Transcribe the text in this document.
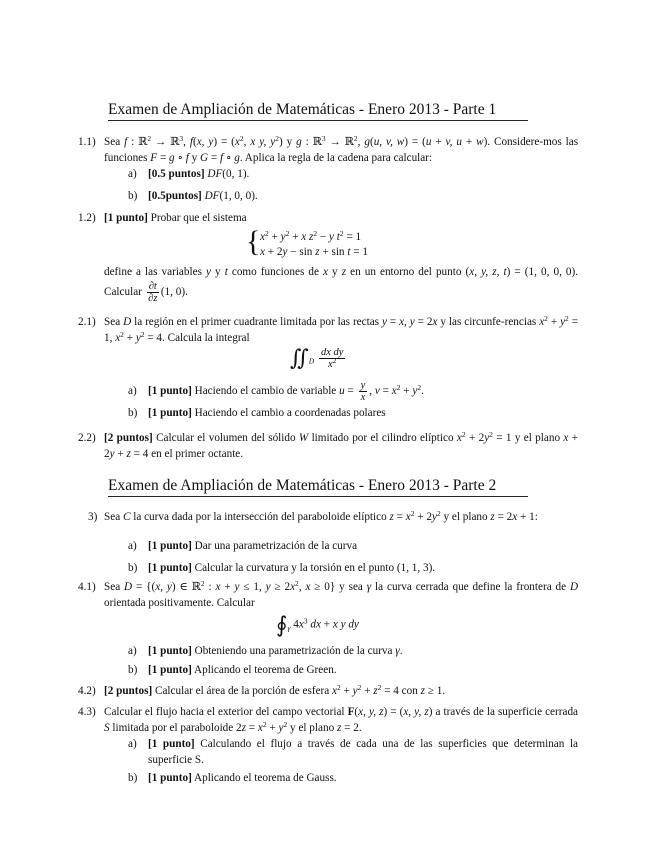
Examen de Ampliación de Matemáticas - Enero 2013 - Parte 1
1.1) Sea f : ℝ$^2$ → ℝ$^3$, f(x, $y) = (x^2$, x y, $y^2$) y g : ℝ$^3$ → ℝ$^2$, g(u, v, w) = (u + v, u + w). Considere-mos las funciones F = g ∘ f y G = f ∘ g. Aplica la regla de la cadena para calcular:
a) [0.5 puntos] DF(0, 1).
b) [0.5puntos] DF(1, 0, 0).
1.2) [1 punto] Probar que el sistema
{ $x^2 + y^2 + x$ $z^2 - y$ $t^2 = 1$
x + 2y − sin z + sin t = 1
define a las variables y y t como funciones de x y z en un entorno del punto (x, y, z, t) = (1, 0, 0, 0). Calcular $\frac{\partial t}{\partial z} (1$, 0).
2.1) Sea D la región en el primer cuadrante limitada por las rectas y = x, y = 2x y las circunfe-rencias $x^2 + y^2 = 1$, $x^2 + y^2 = 4$. Calcula la integral
$∬_D \frac{\text{dx dy}}{x^2}$
a) [1 punto] Haciendo el cambio de variable $u = \frac{y}{x}$ , $v = x^2 + y^2$.
b) [1 punto] Haciendo el cambio a coordenadas polares
2.2) [2 puntos] Calcular el volumen del sólido W limitado por el cilindro elíptico $x^2 + 2y^2 = 1$ y el plano x + 2y + z = 4 en el primer octante.
Examen de Ampliación de Matemáticas - Enero 2013 - Parte 2
3) Sea C la curva dada por la intersección del paraboloide elíptico $z = x^2 + 2y^2$ y el plano z = 2x + 1:
a) [1 punto] Dar una parametrización de la curva
b) [1 punto] Calcular la curvatura y la torsión en el punto (1, 1, 3).
4.1) Sea D = {(x, y) ∈ ℝ$^2$ : x + y ≤ 1, $y \ge 2x^2$, x ≥ 0} y sea γ la curva cerrada que define la frontera de D orientada positivamente. Calcular
$∮_\gamma$ $4x^3$ dx + x y dy
a) [1 punto] Obteniendo una parametrización de la curva γ.
b) [1 punto] Aplicando el teorema de Green.
4.2) [2 puntos] Calcular el área de la porción de esfera $x^2 + y^2 + z^2 = 4$ con z ≥ 1.
4.3) Calcular el flujo hacia el exterior del campo vectorial F(x, y, z) = (x, y, z) a través de la superficie cerrada S limitada por el paraboloide $2z = x^2 + y^2$ y el plano z = 2.
a) [1 punto] Calculando el flujo a través de cada una de las superficies que determinan la superficie S.
b) [1 punto] Aplicando el teorema de Gauss.
